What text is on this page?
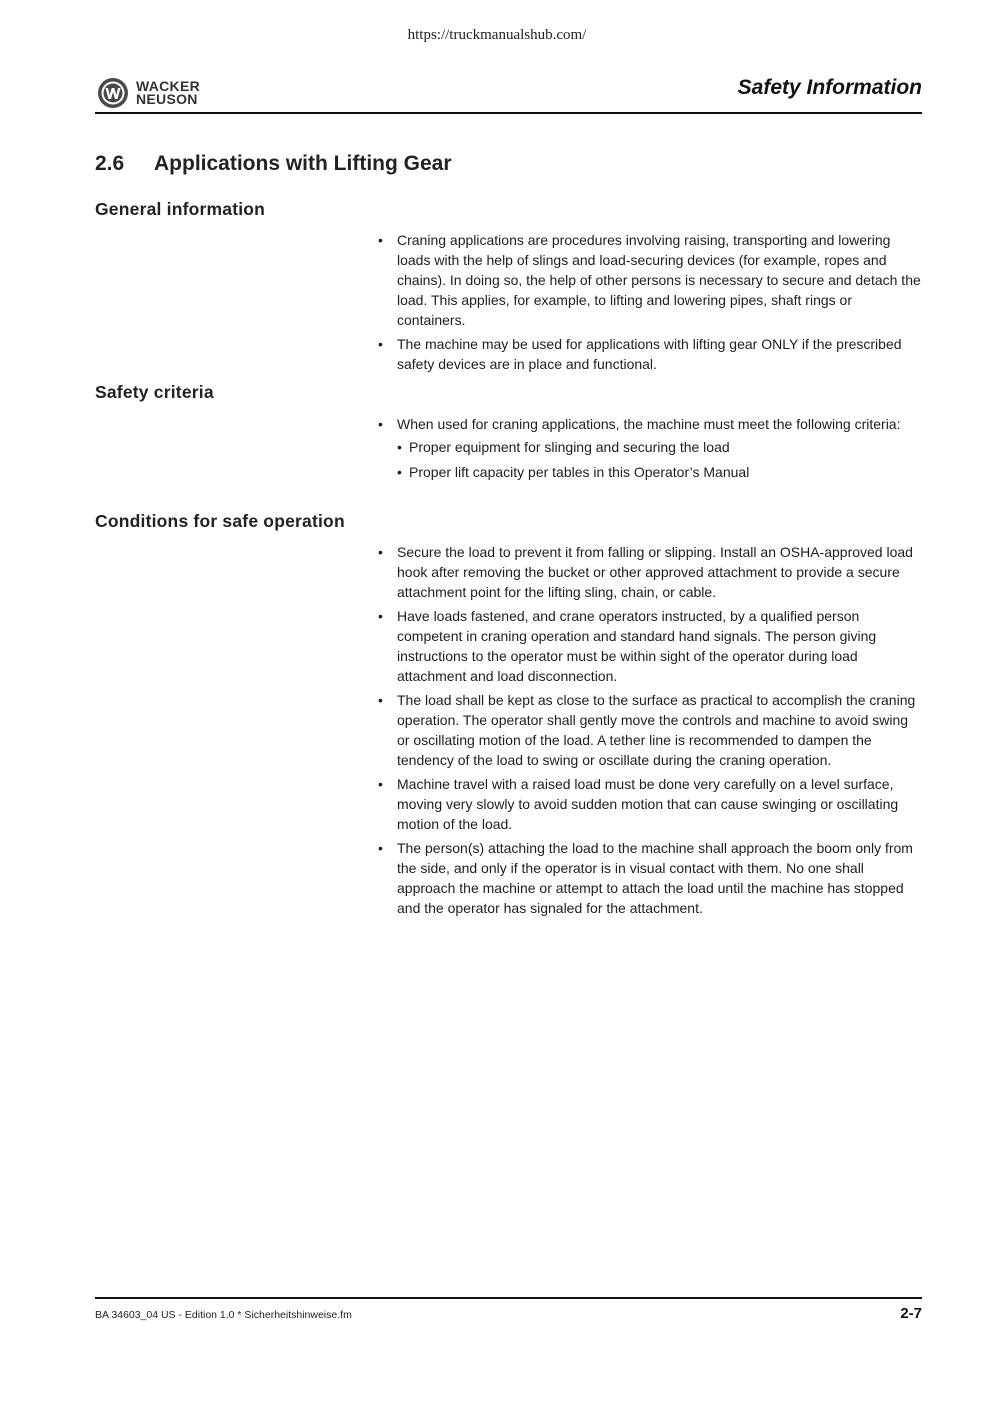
https://truckmanualshub.com/
WACKER
NEUSON	Safety Information
2.6 Applications with Lifting Gear
General information
• Craning applications are procedures involving raising, transporting and lowering loads with the help of slings and load-securing devices (for example, ropes and chains). In doing so, the help of other persons is necessary to secure and detach the load. This applies, for example, to lifting and lowering pipes, shaft rings or containers.
• The machine may be used for applications with lifting gear ONLY if the prescribed safety devices are in place and functional.
Safety criteria
• When used for craning applications, the machine must meet the following criteria:
• Proper equipment for slinging and securing the load
• Proper lift capacity per tables in this Operator’s Manual
Conditions for safe operation
• Secure the load to prevent it from falling or slipping. Install an OSHA-approved load hook after removing the bucket or other approved attachment to provide a secure attachment point for the lifting sling, chain, or cable.
• Have loads fastened, and crane operators instructed, by a qualified person competent in craning operation and standard hand signals. The person giving instructions to the operator must be within sight of the operator during load attachment and load disconnection.
• The load shall be kept as close to the surface as practical to accomplish the craning operation. The operator shall gently move the controls and machine to avoid swing or oscillating motion of the load. A tether line is recommended to dampen the tendency of the load to swing or oscillate during the craning operation.
• Machine travel with a raised load must be done very carefully on a level surface, moving very slowly to avoid sudden motion that can cause swinging or oscillating motion of the load.
• The person(s) attaching the load to the machine shall approach the boom only from the side, and only if the operator is in visual contact with them. No one shall approach the machine or attempt to attach the load until the machine has stopped and the operator has signaled for the attachment.
BA 34603_04 US - Edition 1.0 * Sicherheitshinweise.fm	2-7
